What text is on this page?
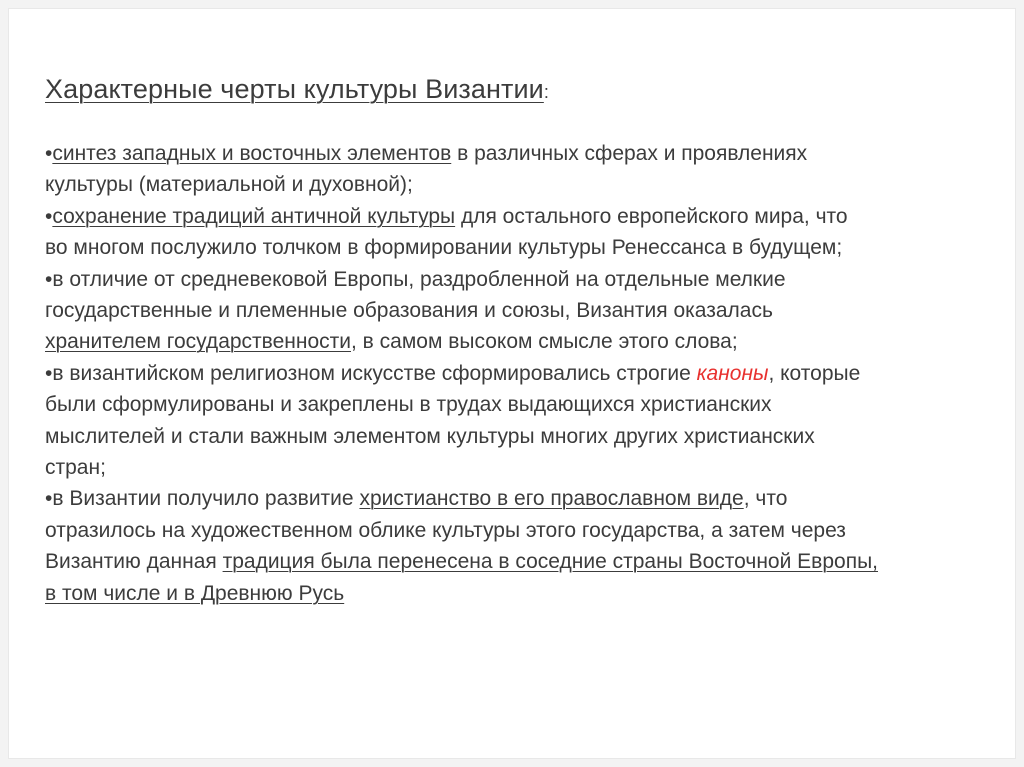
Характерные черты культуры Византии:
•синтез западных и восточных элементов в различных сферах и проявлениях
культуры (материальной и духовной);
•сохранение традиций античной культуры для остального европейского мира, что
во многом послужило толчком в формировании культуры Ренессанса в будущем;
•в отличие от средневековой Европы, раздробленной на отдельные мелкие
государственные и племенные образования и союзы, Византия оказалась
хранителем государственности, в самом высоком смысле этого слова;
•в византийском религиозном искусстве сформировались строгие каноны, которые
были сформулированы и закреплены в трудах выдающихся христианских
мыслителей и стали важным элементом культуры многих других христианских
стран;
•в Византии получило развитие христианство в его православном виде, что
отразилось на художественном облике культуры этого государства, а затем через
Византию данная традиция была перенесена в соседние страны Восточной Европы,
в том числе и в Древнюю Русь
